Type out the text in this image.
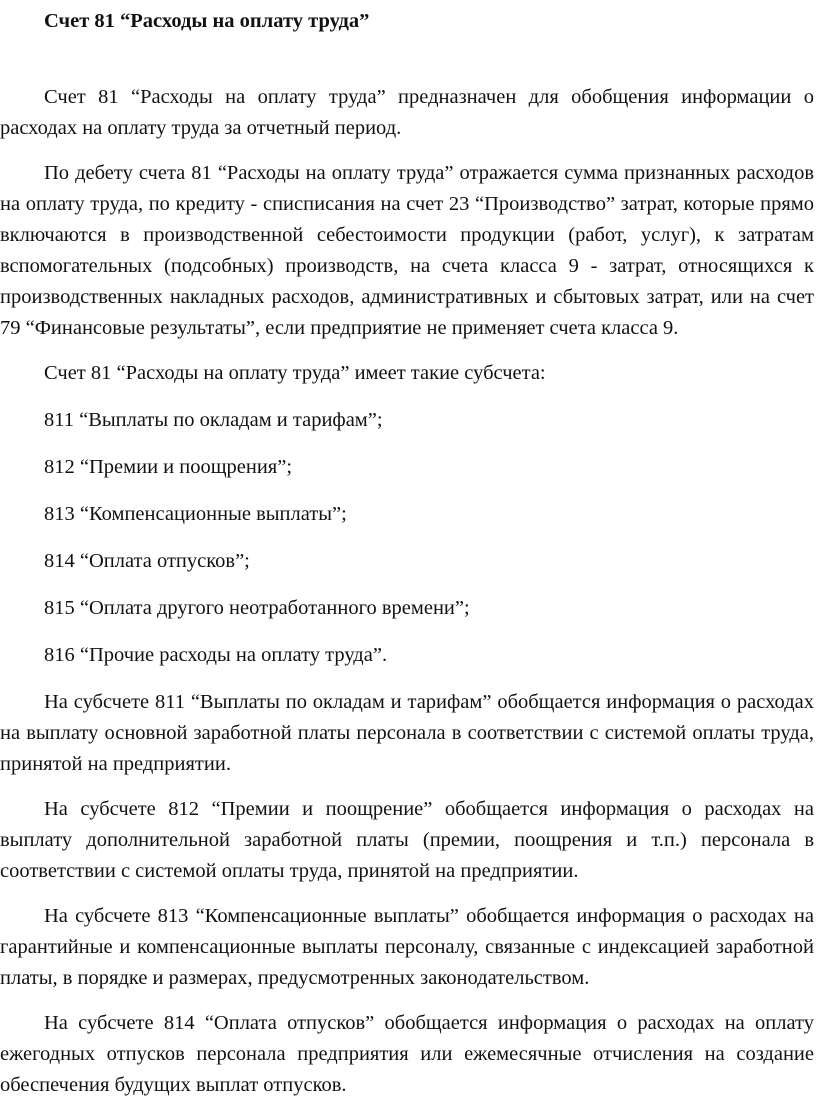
Счет 81 “Расходы на оплату труда”

Счет 81 “Расходы на оплату труда” предназначен для обобщения информации о расходах на оплату труда за отчетный период.

По дебету счета 81 “Расходы на оплату труда” отражается сумма признанных расходов на оплату труда, по кредиту - списписания на счет 23 “Производство” затрат, которые прямо включаются в производственной себестоимости продукции (работ, услуг), к затратам вспомогательных (подсобных) производств, на счета класса 9 - затрат, относящихся к производственных накладных расходов, административных и сбытовых затрат, или на счет 79 “Финансовые результаты”, если предприятие не применяет счета класса 9.

Счет 81 “Расходы на оплату труда” имеет такие субсчета:

811 “Выплаты по окладам и тарифам”;

812 “Премии и поощрения”;

813 “Компенсационные выплаты”;

814 “Оплата отпусков”;

815 “Оплата другого неотработанного времени”;

816 “Прочие расходы на оплату труда”.

На субсчете 811 “Выплаты по окладам и тарифам” обобщается информация о расходах на выплату основной заработной платы персонала в соответствии с системой оплаты труда, принятой на предприятии.

На субсчете 812 “Премии и поощрение” обобщается информация о расходах на выплату дополнительной заработной платы (премии, поощрения и т.п.) персонала в соответствии с системой оплаты труда, принятой на предприятии.

На субсчете 813 “Компенсационные выплаты” обобщается информация о расходах на гарантийные и компенсационные выплаты персоналу, связанные с индексацией заработной платы, в порядке и размерах, предусмотренных законодательством.

На субсчете 814 “Оплата отпусков” обобщается информация о расходах на оплату ежегодных отпусков персонала предприятия или ежемесячные отчисления на создание обеспечения будущих выплат отпусков.
